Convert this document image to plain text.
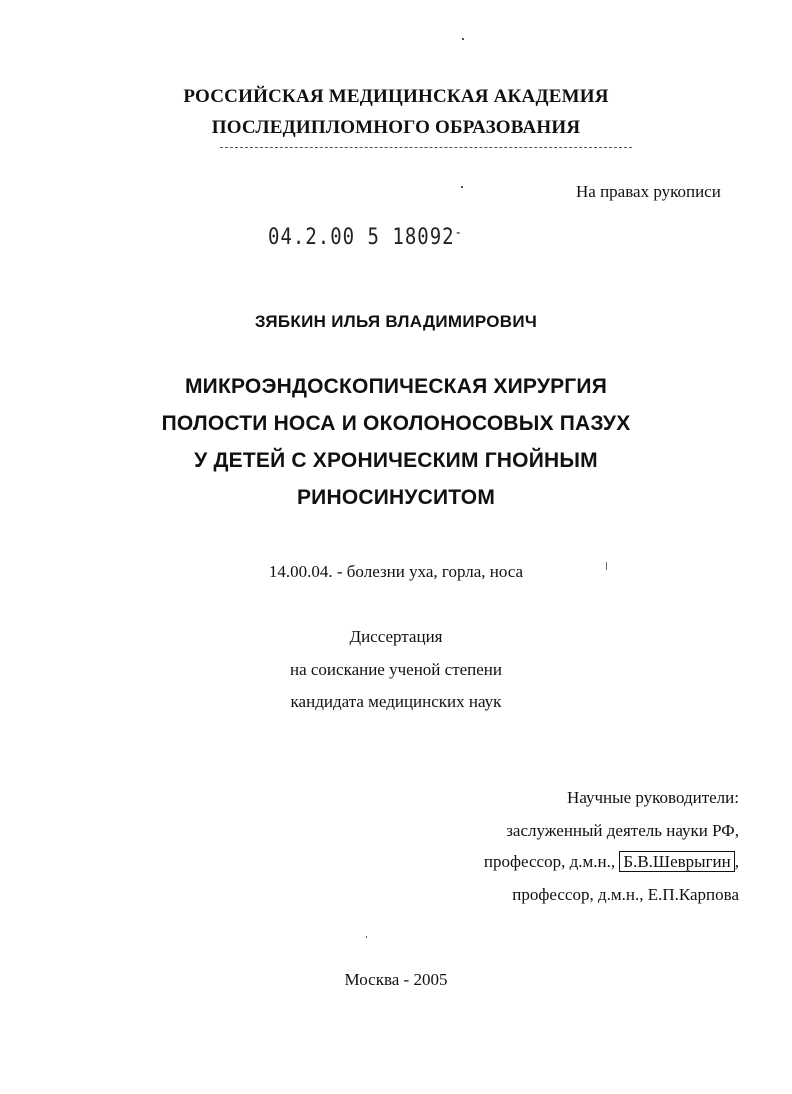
РОССИЙСКАЯ МЕДИЦИНСКАЯ АКАДЕМИЯ
ПОСЛЕДИПЛОМНОГО ОБРАЗОВАНИЯ
На правах рукописи
04.2.00 5 18092-
ЗЯБКИН ИЛЬЯ ВЛАДИМИРОВИЧ
МИКРОЭНДОСКОПИЧЕСКАЯ ХИРУРГИЯ
ПОЛОСТИ НОСА И ОКОЛОНОСОВЫХ ПАЗУХ
У ДЕТЕЙ С ХРОНИЧЕСКИМ ГНОЙНЫМ
РИНОСИНУСИТОМ
14.00.04. - болезни уха, горла, носа
Диссертация
на соискание ученой степени
кандидата медицинских наук
Научные руководители:
заслуженный деятель науки РФ,
профессор, д.м.н., Б.В.Шеврыгин ,
профессор, д.м.н., Е.П.Карпова
Москва - 2005
